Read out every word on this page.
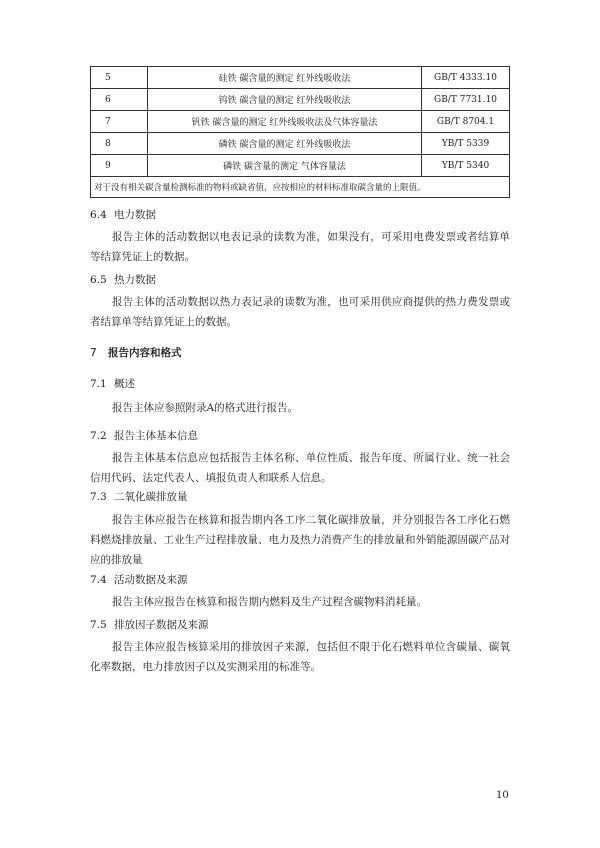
5	硅铁 碳含量的测定 红外线吸收法	GB/T 4333.10
6	钨铁 碳含量的测定 红外线吸收法	GB/T 7731.10
7	钒铁 碳含量的测定 红外线吸收法及气体容量法	GB/T 8704.1
8	磷铁 碳含量的测定 红外线吸收法	YB/T 5339
9	磷铁 碳含量的测定 气体容量法	YB/T 5340
对于没有相关碳含量检测标准的物料或缺省值，应按相应的材料标准取碳含量的上限值。		
6.4 电力数据
报告主体的活动数据以电表记录的读数为准，如果没有，可采用电费发票或者结算单等结算凭证上的数据。
6.5 热力数据
报告主体的活动数据以热力表记录的读数为准，也可采用供应商提供的热力费发票或者结算单等结算凭证上的数据。
7 报告内容和格式
7.1 概述
报告主体应参照附录A的格式进行报告。
7.2 报告主体基本信息
报告主体基本信息应包括报告主体名称、单位性质、报告年度、所属行业、统一社会信用代码、法定代表人、填报负责人和联系人信息。
7.3 二氧化碳排放量
报告主体应报告在核算和报告期内各工序二氧化碳排放量，并分别报告各工序化石燃料燃烧排放量、工业生产过程排放量、电力及热力消费产生的排放量和外销能源固碳产品对应的排放量
7.4 活动数据及来源
报告主体应报告在核算和报告期内燃料及生产过程含碳物料消耗量。
7.5 排放因子数据及来源
报告主体应报告核算采用的排放因子来源，包括但不限于化石燃料单位含碳量、碳氧化率数据，电力排放因子以及实测采用的标准等。
10
